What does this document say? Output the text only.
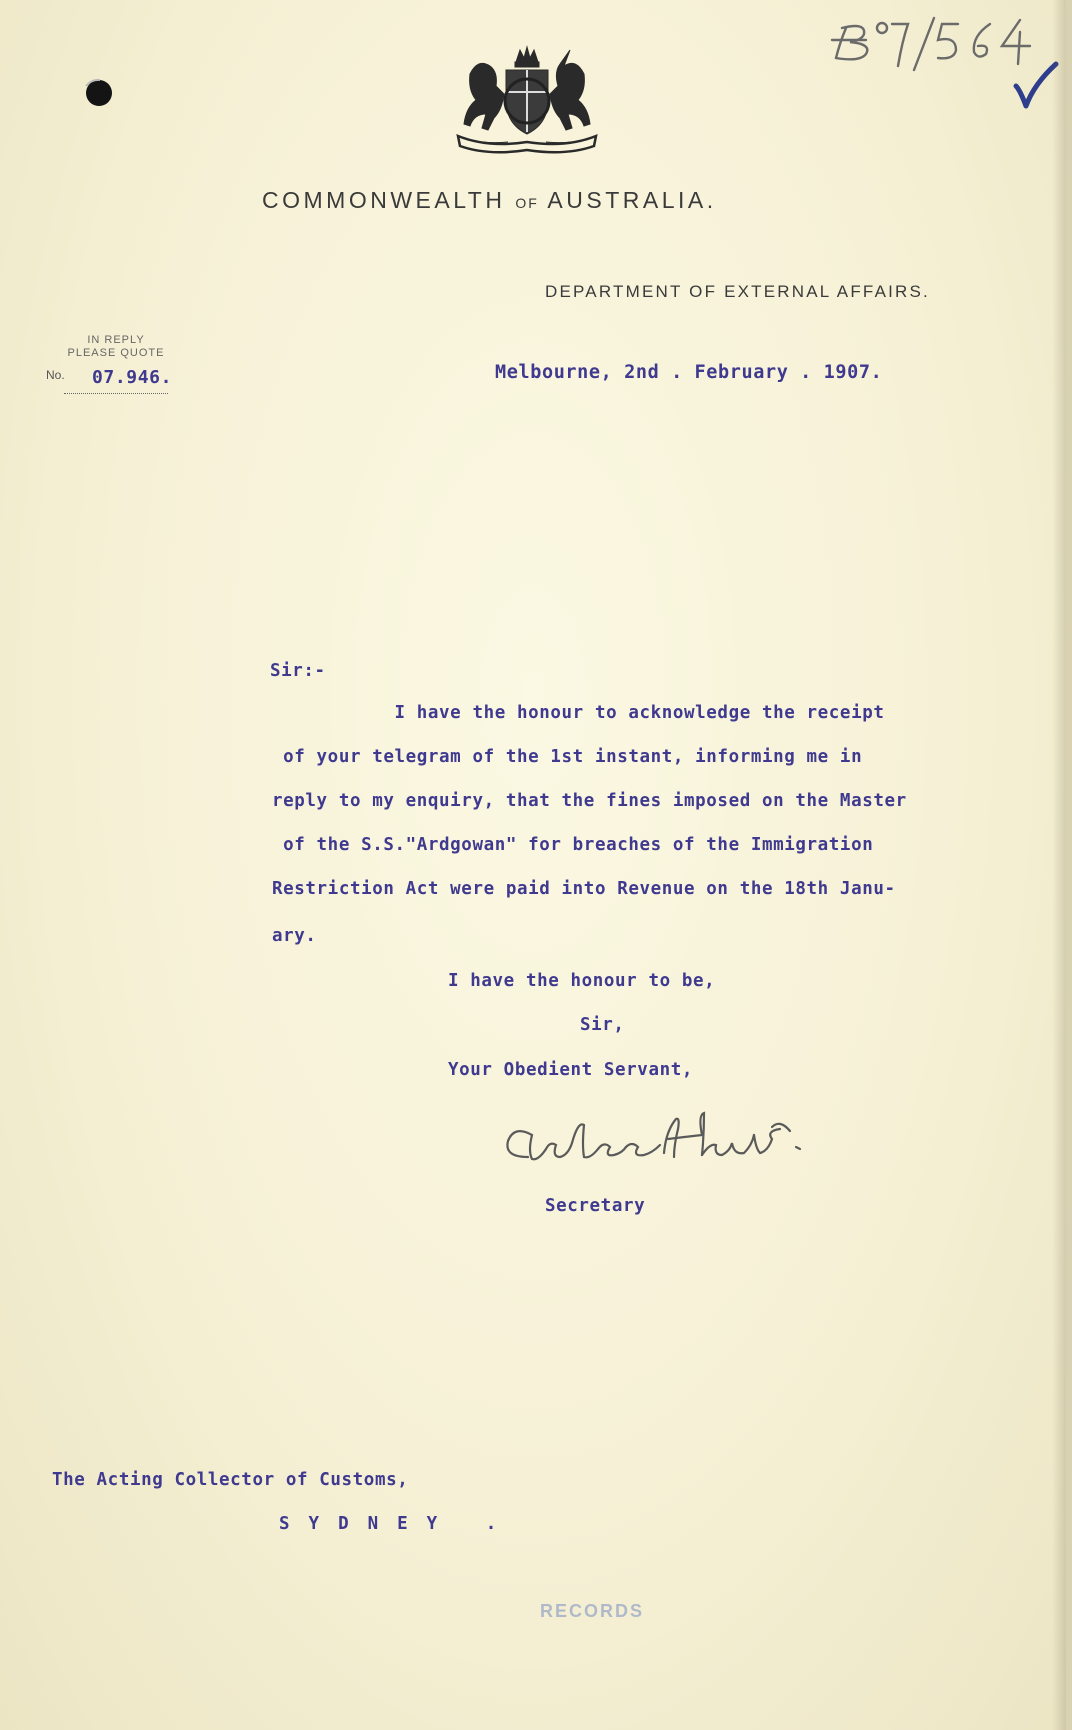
COMMONWEALTH OF AUSTRALIA.
DEPARTMENT OF EXTERNAL AFFAIRS.
IN REPLY
PLEASE QUOTE
No. 07.946.	Melbourne, 2nd . February . 1907.
Sir:-
I have the honour to acknowledge the receipt
of your telegram of the 1st instant, informing me in
reply to my enquiry, that the fines imposed on the Master
of the S.S."Ardgowan" for breaches of the Immigration
Restriction Act were paid into Revenue on the 18th Janu-
ary.
I have the honour to be,
Sir,
Your Obedient Servant,
Secretary
The Acting Collector of Customs,
SYDNEY .
RECORDS
